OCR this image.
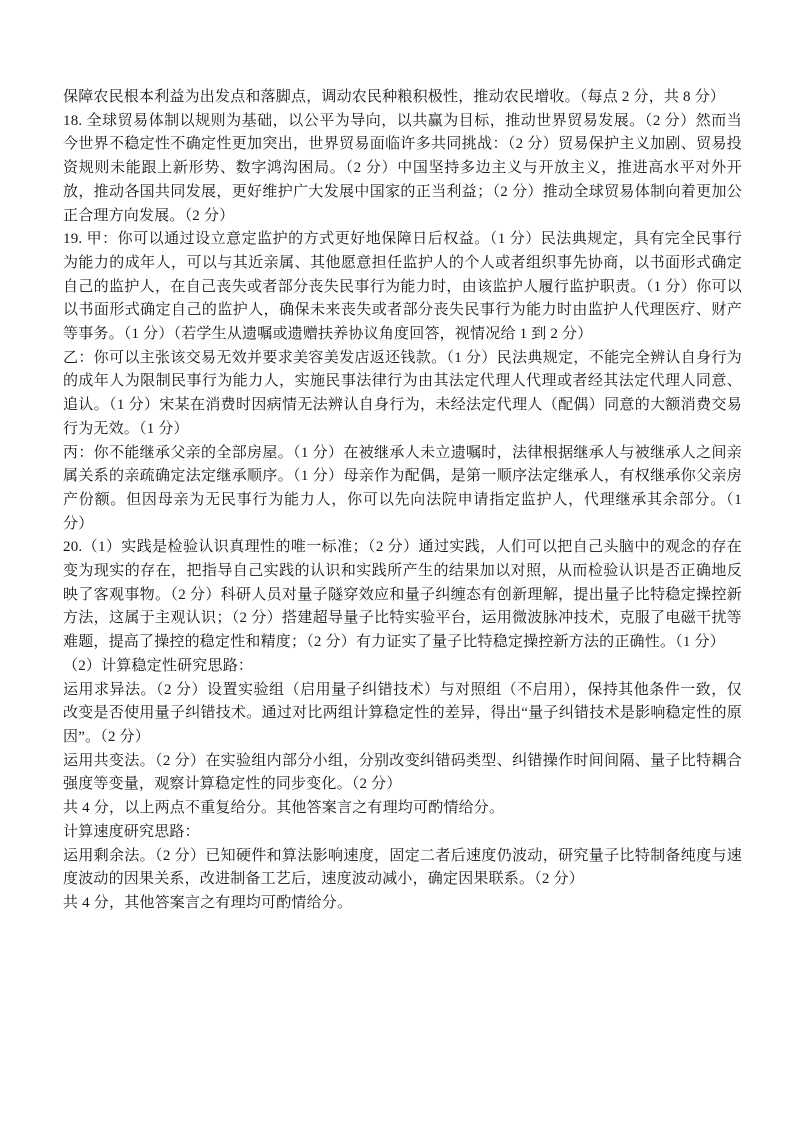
保障农民根本利益为出发点和落脚点，调动农民种粮积极性，推动农民增收。（每点 2 分，共 8 分）

18. 全球贸易体制以规则为基础，以公平为导向，以共赢为目标，推动世界贸易发展。（2 分）然而当今世界不稳定性不确定性更加突出，世界贸易面临许多共同挑战：（2 分）贸易保护主义加剧、贸易投资规则未能跟上新形势、数字鸿沟困局。（2 分）中国坚持多边主义与开放主义，推进高水平对外开放，推动各国共同发展，更好维护广大发展中国家的正当利益；（2 分）推动全球贸易体制向着更加公正合理方向发展。（2 分）

19. 甲：你可以通过设立意定监护的方式更好地保障日后权益。（1 分）民法典规定，具有完全民事行为能力的成年人，可以与其近亲属、其他愿意担任监护人的个人或者组织事先协商，以书面形式确定自己的监护人，在自己丧失或者部分丧失民事行为能力时，由该监护人履行监护职责。（1 分）你可以以书面形式确定自己的监护人，确保未来丧失或者部分丧失民事行为能力时由监护人代理医疗、财产等事务。（1 分）（若学生从遗嘱或遗赠扶养协议角度回答，视情况给 1 到 2 分）

乙：你可以主张该交易无效并要求美容美发店返还钱款。（1 分）民法典规定，不能完全辨认自身行为的成年人为限制民事行为能力人，实施民事法律行为由其法定代理人代理或者经其法定代理人同意、追认。（1 分）宋某在消费时因病情无法辨认自身行为，未经法定代理人（配偶）同意的大额消费交易行为无效。（1 分）

丙：你不能继承父亲的全部房屋。（1 分）在被继承人未立遗嘱时，法律根据继承人与被继承人之间亲属关系的亲疏确定法定继承顺序。（1 分）母亲作为配偶，是第一顺序法定继承人，有权继承你父亲房产份额。但因母亲为无民事行为能力人，你可以先向法院申请指定监护人，代理继承其余部分。（1 分）

20.（1）实践是检验认识真理性的唯一标准；（2 分）通过实践，人们可以把自己头脑中的观念的存在变为现实的存在，把指导自己实践的认识和实践所产生的结果加以对照，从而检验认识是否正确地反映了客观事物。（2 分）科研人员对量子隧穿效应和量子纠缠态有创新理解，提出量子比特稳定操控新方法，这属于主观认识；（2 分）搭建超导量子比特实验平台，运用微波脉冲技术，克服了电磁干扰等难题，提高了操控的稳定性和精度；（2 分）有力证实了量子比特稳定操控新方法的正确性。（1 分）

（2）计算稳定性研究思路：

运用求异法。（2 分）设置实验组（启用量子纠错技术）与对照组（不启用），保持其他条件一致，仅改变是否使用量子纠错技术。通过对比两组计算稳定性的差异，得出“量子纠错技术是影响稳定性的原因”。（2 分）

运用共变法。（2 分）在实验组内部分小组，分别改变纠错码类型、纠错操作时间间隔、量子比特耦合强度等变量，观察计算稳定性的同步变化。（2 分）

共 4 分，以上两点不重复给分。其他答案言之有理均可酌情给分。

计算速度研究思路：

运用剩余法。（2 分）已知硬件和算法影响速度，固定二者后速度仍波动，研究量子比特制备纯度与速度波动的因果关系，改进制备工艺后，速度波动减小，确定因果联系。（2 分）

共 4 分，其他答案言之有理均可酌情给分。
